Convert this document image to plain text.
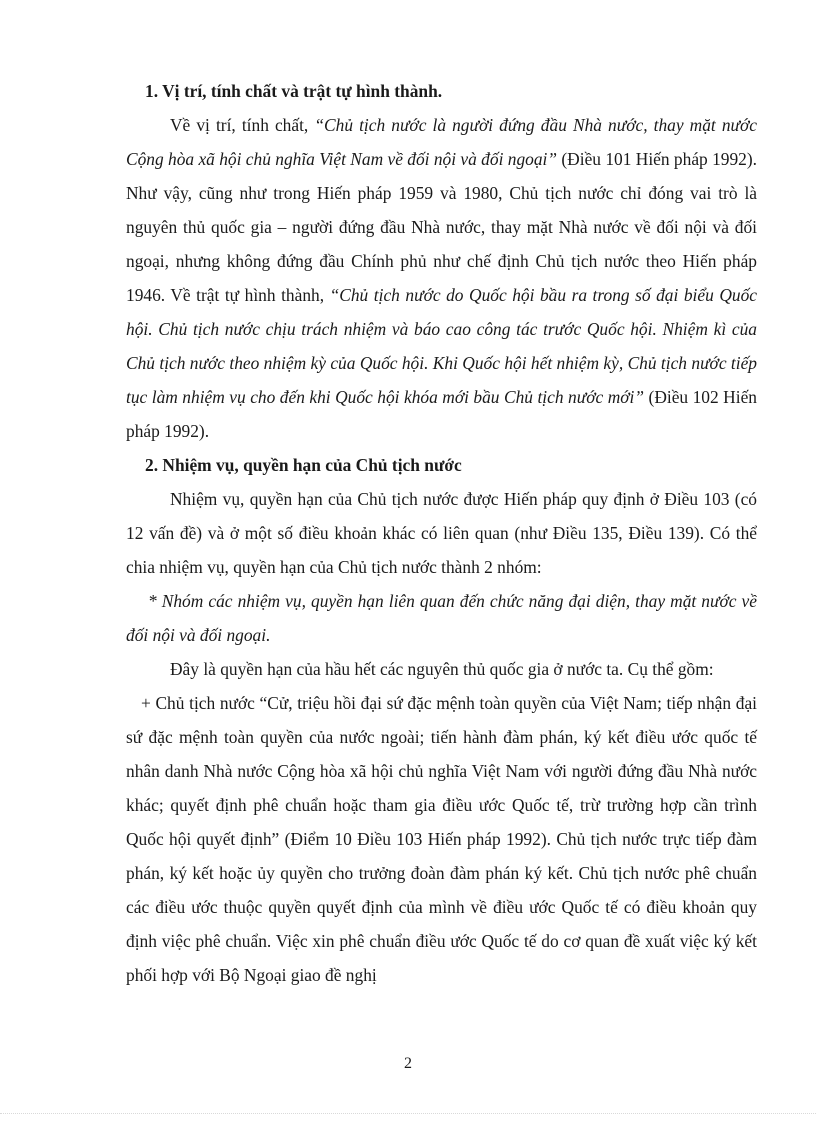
1. Vị trí, tính chất và trật tự hình thành.

Về vị trí, tính chất, “Chủ tịch nước là người đứng đầu Nhà nước, thay mặt nước Cộng hòa xã hội chủ nghĩa Việt Nam về đối nội và đối ngoại” (Điều 101 Hiến pháp 1992). Như vậy, cũng như trong Hiến pháp 1959 và 1980, Chủ tịch nước chỉ đóng vai trò là nguyên thủ quốc gia – người đứng đầu Nhà nước, thay mặt Nhà nước về đối nội và đối ngoại, nhưng không đứng đầu Chính phủ như chế định Chủ tịch nước theo Hiến pháp 1946. Về trật tự hình thành, “Chủ tịch nước do Quốc hội bầu ra trong số đại biểu Quốc hội. Chủ tịch nước chịu trách nhiệm và báo cao công tác trước Quốc hội. Nhiệm kì của Chủ tịch nước theo nhiệm kỳ của Quốc hội. Khi Quốc hội hết nhiệm kỳ, Chủ tịch nước tiếp tục làm nhiệm vụ cho đến khi Quốc hội khóa mới bầu Chủ tịch nước mới” (Điều 102 Hiến pháp 1992).

2. Nhiệm vụ, quyền hạn của Chủ tịch nước

Nhiệm vụ, quyền hạn của Chủ tịch nước được Hiến pháp quy định ở Điều 103 (có 12 vấn đề) và ở một số điều khoản khác có liên quan (như Điều 135, Điều 139). Có thể chia nhiệm vụ, quyền hạn của Chủ tịch nước thành 2 nhóm:

* Nhóm các nhiệm vụ, quyền hạn liên quan đến chức năng đại diện, thay mặt nước về đối nội và đối ngoại.

Đây là quyền hạn của hầu hết các nguyên thủ quốc gia ở nước ta. Cụ thể gồm:

+ Chủ tịch nước “Cử, triệu hồi đại sứ đặc mệnh toàn quyền của Việt Nam; tiếp nhận đại sứ đặc mệnh toàn quyền của nước ngoài; tiến hành đàm phán, ký kết điều ước quốc tế nhân danh Nhà nước Cộng hòa xã hội chủ nghĩa Việt Nam với người đứng đầu Nhà nước khác; quyết định phê chuẩn hoặc tham gia điều ước Quốc tế, trừ trường hợp cần trình Quốc hội quyết định” (Điểm 10 Điều 103 Hiến pháp 1992). Chủ tịch nước trực tiếp đàm phán, ký kết hoặc ủy quyền cho trưởng đoàn đàm phán ký kết. Chủ tịch nước phê chuẩn các điều ước thuộc quyền quyết định của mình về điều ước Quốc tế có điều khoản quy định việc phê chuẩn. Việc xin phê chuẩn điều ước Quốc tế do cơ quan đề xuất việc ký kết phối hợp với Bộ Ngoại giao đề nghị

2
